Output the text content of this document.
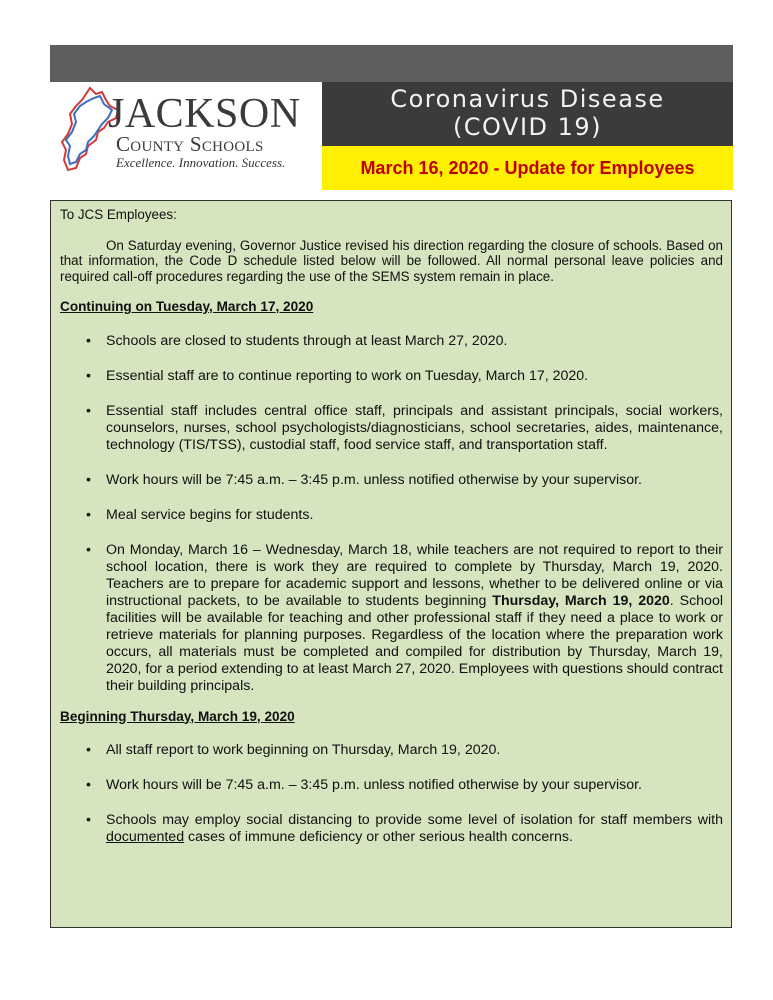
JACKSON
County Schools
Excellence. Innovation. Success.
Coronavirus Disease
(COVID 19)
March 16, 2020 - Update for Employees

To JCS Employees:

On Saturday evening, Governor Justice revised his direction regarding the closure of schools. Based on that information, the Code D schedule listed below will be followed. All normal personal leave policies and required call-off procedures regarding the use of the SEMS system remain in place.

Continuing on Tuesday, March 17, 2020

• Schools are closed to students through at least March 27, 2020.
• Essential staff are to continue reporting to work on Tuesday, March 17, 2020.
• Essential staff includes central office staff, principals and assistant principals, social workers, counselors, nurses, school psychologists/diagnosticians, school secretaries, aides, maintenance, technology (TIS/TSS), custodial staff, food service staff, and transportation staff.
• Work hours will be 7:45 a.m. – 3:45 p.m. unless notified otherwise by your supervisor.
• Meal service begins for students.
• On Monday, March 16 – Wednesday, March 18, while teachers are not required to report to their school location, there is work they are required to complete by Thursday, March 19, 2020. Teachers are to prepare for academic support and lessons, whether to be delivered online or via instructional packets, to be available to students beginning Thursday, March 19, 2020. School facilities will be available for teaching and other professional staff if they need a place to work or retrieve materials for planning purposes. Regardless of the location where the preparation work occurs, all materials must be completed and compiled for distribution by Thursday, March 19, 2020, for a period extending to at least March 27, 2020. Employees with questions should contract their building principals.

Beginning Thursday, March 19, 2020

• All staff report to work beginning on Thursday, March 19, 2020.
• Work hours will be 7:45 a.m. – 3:45 p.m. unless notified otherwise by your supervisor.
• Schools may employ social distancing to provide some level of isolation for staff members with documented cases of immune deficiency or other serious health concerns.
